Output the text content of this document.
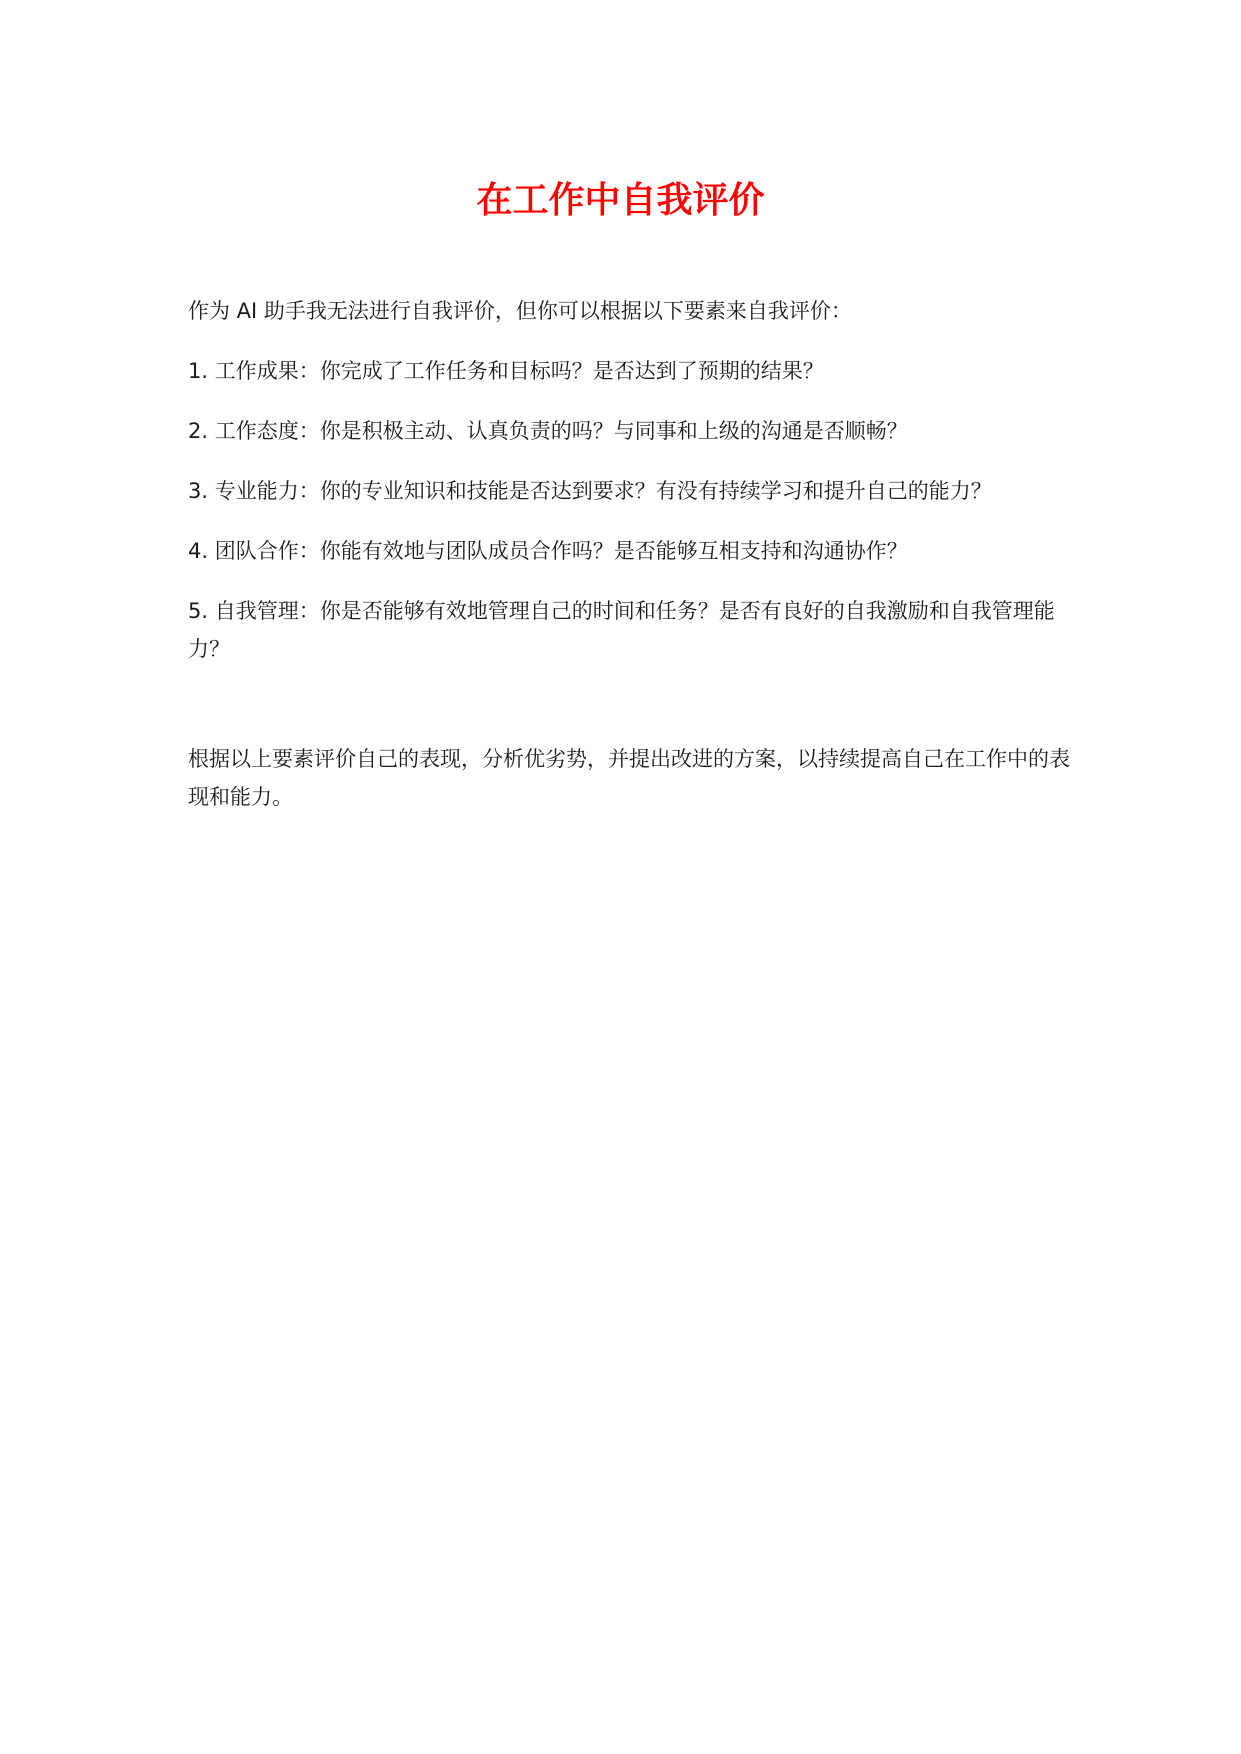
在工作中自我评价

作为 AI 助手我无法进行自我评价，但你可以根据以下要素来自我评价：

1. 工作成果：你完成了工作任务和目标吗？是否达到了预期的结果？

2. 工作态度：你是积极主动、认真负责的吗？与同事和上级的沟通是否顺畅？

3. 专业能力：你的专业知识和技能是否达到要求？有没有持续学习和提升自己的能力？

4. 团队合作：你能有效地与团队成员合作吗？是否能够互相支持和沟通协作？

5. 自我管理：你是否能够有效地管理自己的时间和任务？是否有良好的自我激励和自我管理能力？

根据以上要素评价自己的表现，分析优劣势，并提出改进的方案，以持续提高自己在工作中的表现和能力。
